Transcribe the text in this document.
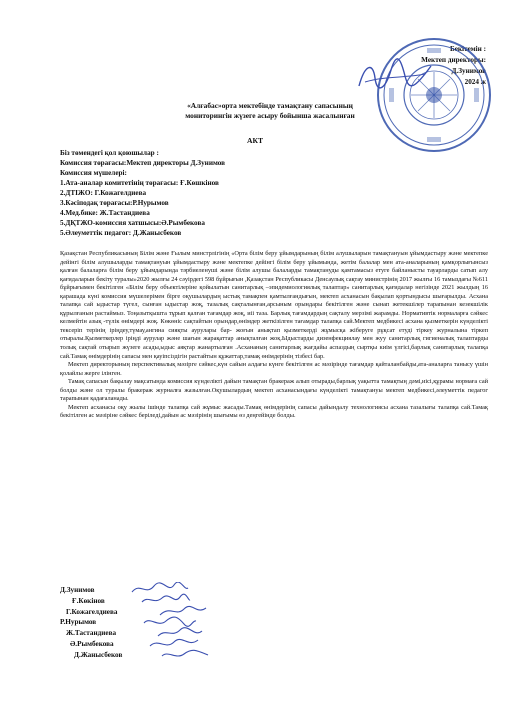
Бекітемін :
Мектеп директоры:
Д.Зунимов
2024 ж
«Алғабас»орта мектебінде тамақтану сапасының
мониторингін жүзеге асыру бойынша жасалынған
АКТ
Біз төмендегі қол қоюшылар :
Комиссия төрағасы:Мектеп директоры Д.Зунимов
Комиссия мүшелері:
1.Ата-аналар комитетінің төрағасы: Ғ.Көшкінов
2.ДТІЖО: Г.Кожагелдиева
3.Кәсіподақ төрағасы:Р.Нурымов
4.Мед.бике: Ж.Тастандиева
5.ДҚТЖО-комиссия хатшысы:Ә.Рымбекова
5.Әлеуметтік педагог: Д.Жанысбеков

Қазақстан Республикасының Білім және Ғылым минстрлігінің «Орта білім беру ұйымдарының білім алушыларын тамақтануын ұйымдастыру және мектепке дейінгі білім алушыларды тамақтануын ұйымдастыру және мектепке дейінгі білім беру ұйымында, жетім балалар мен ата-аналарының қамқорлығынсыз қалған балаларға білім беру ұйымдарында тәрбиеленуші және білім алушы балаларды тамақтануды қамтамасыз етуге байланысты тауарларды сатып алу қағидаларын бекіту туралы»2020 жылғы 24 сәуірдегі 598 бұйрығын ,Қазақстан Республикасы Денсаулық сақтау министрінің 2017 жылғы 16 тамыздағы №611 бұйрығымен бекітілген «Білім беру объектілеріне қойылатын санитарлық –эпидемиологиялық талаптар» санитарлық қағидалар негізінде 2021 жылдың 16 қарашада күні комиссия мүшелерімен бірге оқушылардың ыстық тамақпен қамтылғандығын, мектеп асханасын бақылап қортындысы шығарылды. Асхана талапқа сай ыдыстар түгел, сынған ыдыстар жоқ, тазалық сақталынған,арсыным орындары бекітілген және сынап жетекшілер тарапынан кезекшілік құрылғанын растаймыз. Тоңазытқышта тұрып қалған тағамдар жоқ, иіі таза. Барлық тағамдардың сақталу мерзімі жарамды. Нормативтік нормаларға сәйкес келмейтін азық -түлік өнімдері жоқ. Көкөніс сақтайтын орындар,өнімдер жеткізілген тағамдар талапқа сай.Мектеп медбикесі асхана қызметкерін күнделікті тексеріп терінің іріңдеу,түмау,ангина сияқты аурулары бар- жоғын анықтап қызметкерді жұмысқа жіберуге рұқсат етуді тіркеу журналына тіркеп отыралы.Қызметкерлер іріңді аурулар және шағын жарақаттар анықталған жоқ.Ыдыстарды дизенфекциялау мен жуу санитарлық гигиеналық талаптарды толық сақтай отырып жүзеге асады,ыдыс аяқтар жанартылған .Асхананың санитарлық жағдайы аспаздың сыртқы киім үлгісі,барлық санитарлық талапқа сай.Тамақ өнімдерінің сапасы мен қауіпсіздігін растайтын құжаттар,тамақ өнімдерінің тізбесі бар.

Мектеп директорының перспективалық мәзірге сәйкес,күн сайын алдағы күнге бекітілген ас мәзірінде тағамдар қайталанбайды,ата-аналарға танысу үшін қолайлы жерге ілінген.

Тамақ сапасын бақылау мақсатында комиссия күнделікті дайын тамақтан бракераж алып отырады,барлық уақытта тамақтың дәмі,иісі,құрамы нормаға сай болды және ол туралы бракераж журналға жазылған.Оқушылардың мектеп асханасындағы күнделікті тамақтануы мектеп медбикесі,әлеуметтік педагог тарапынан қадағаланады.

Мектеп асханасы оқу жылы ішінде талапқа сай жұмыс жасады.Тамақ өнімдерінің сапасы дайындалу технологиясы асхана тазалығы талапқа сай.Тамақ бекітілген ас мәзіріне сәйкес беріледі,дайын ас мәзірінің шығымы өз деңгейінде болды.

Д.Зунимов
Ғ.Көкінов
Г.Кожагелдиева
Р.Нурымов
Ж.Тастандиева
Ә.Рымбекова
Д.Жанысбеков
